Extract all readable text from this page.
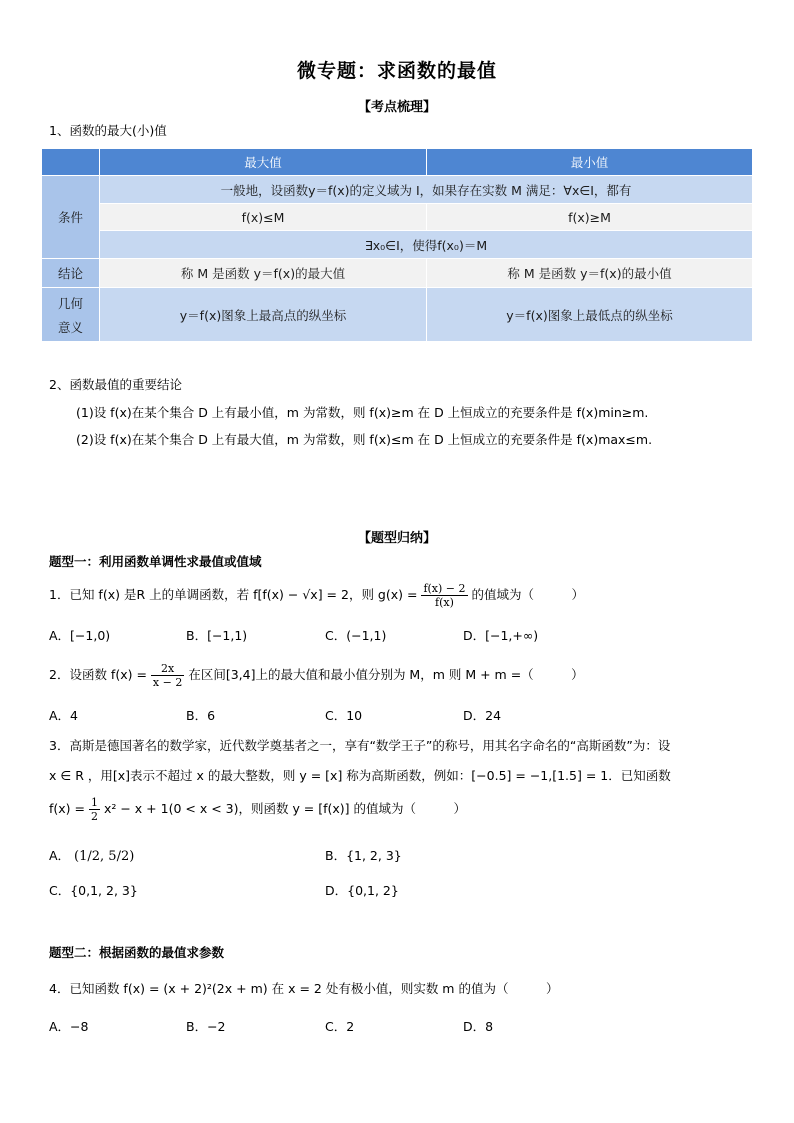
微专题：求函数的最值
【考点梳理】
1、函数的最大(小)值
	最大值	最小值
条件	一般地，设函数y＝f(x)的定义域为 I，如果存在实数 M 满足：∀x∈I，都有	
	f(x)≤M	f(x)≥M
	∃x₀∈I，使得f(x₀)＝M	
结论	称 M 是函数 y＝f(x)的最大值	称 M 是函数 y＝f(x)的最小值

几何
意义	y＝f(x)图象上最高点的纵坐标	y＝f(x)图象上最低点的纵坐标
2、函数最值的重要结论
(1)设 f(x)在某个集合 D 上有最小值，m 为常数，则 f(x)≥m 在 D 上恒成立的充要条件是 f(x)min≥m.
(2)设 f(x)在某个集合 D 上有最大值，m 为常数，则 f(x)≤m 在 D 上恒成立的充要条件是 f(x)max≤m.
【题型归纳】
题型一：利用函数单调性求最值或值域
1．已知 f(x) 是R 上的单调函数，若 f[f(x) − √x] = 2，则 $g(x) = \frac{f(x) - 2}{f(x)}$ 的值域为（　　　）
A．[−1,0)	B．[−1,1)	C．(−1,1)	D．[−1,+∞)
2．设函数 $f(x) = \frac{2x}{x - 2}$ 在区间[3,4]上的最大值和最小值分别为 M，m 则 M + m =（　　　）
A．4	B．6	C．10	D．24
3．高斯是德国著名的数学家，近代数学奠基者之一，享有“数学王子”的称号，用其名字命名的“高斯函数”为：设
x ∈ R ，用[x]表示不超过 x 的最大整数，则 y = [x] 称为高斯函数，例如：[−0.5] = −1,[1.5] = 1．已知函数
$f(x) = \frac{1}{2} x^2 - x + 1(0 < x < 3)$，则函数 y = [f(x)] 的值域为（　　　）
A． (1/2, 5/2)	B．{1, 2, 3}
C．{0,1, 2, 3}	D．{0,1, 2}
题型二：根据函数的最值求参数
4．已知函数 f(x) = (x + 2)²(2x + m) 在 x = 2 处有极小值，则实数 m 的值为（　　　）
A．−8	B．−2	C．2	D．8
